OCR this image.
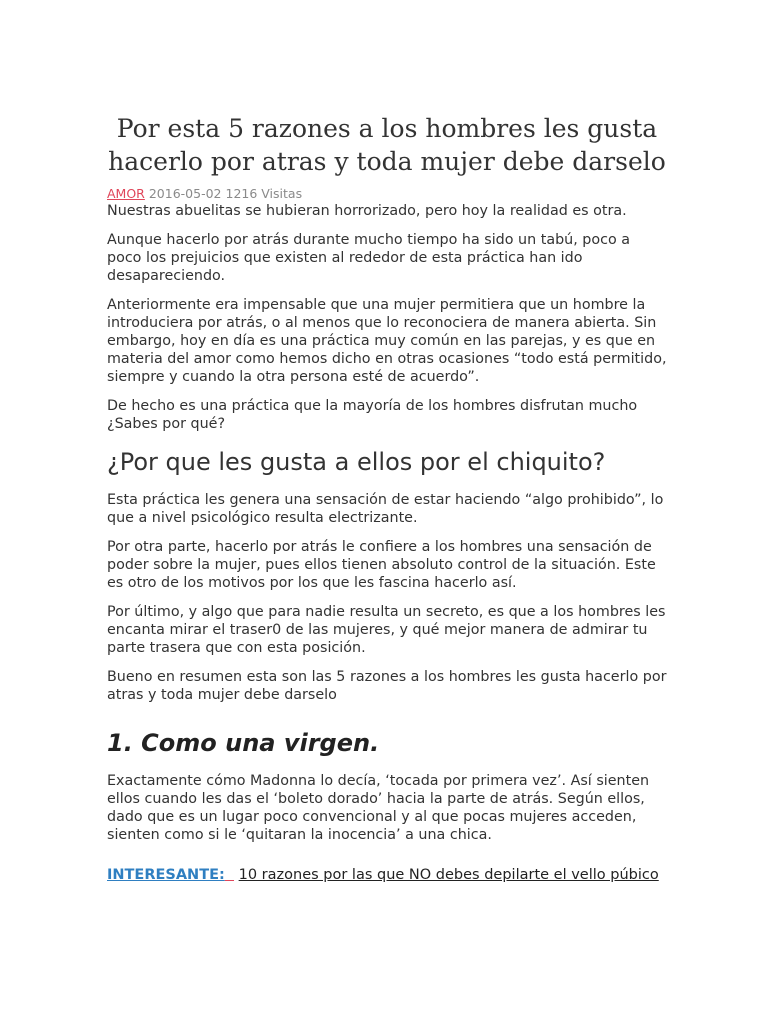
Por esta 5 razones a los hombres les gusta hacerlo por atras y toda mujer debe darselo
AMOR 2016-05-02 1216 Visitas

Nuestras abuelitas se hubieran horrorizado, pero hoy la realidad es otra.

Aunque hacerlo por atrás durante mucho tiempo ha sido un tabú, poco a poco los prejuicios que existen al rededor de esta práctica han ido desapareciendo.

Anteriormente era impensable que una mujer permitiera que un hombre la introduciera por atrás, o al menos que lo reconociera de manera abierta. Sin embargo, hoy en día es una práctica muy común en las parejas, y es que en materia del amor como hemos dicho en otras ocasiones “todo está permitido, siempre y cuando la otra persona esté de acuerdo”.

De hecho es una práctica que la mayoría de los hombres disfrutan mucho ¿Sabes por qué?

¿Por que les gusta a ellos por el chiquito?

Esta práctica les genera una sensación de estar haciendo “algo prohibido”, lo que a nivel psicológico resulta electrizante.

Por otra parte, hacerlo por atrás le confiere a los hombres una sensación de poder sobre la mujer, pues ellos tienen absoluto control de la situación. Este es otro de los motivos por los que les fascina hacerlo así.

Por último, y algo que para nadie resulta un secreto, es que a los hombres les encanta mirar el traser0 de las mujeres, y qué mejor manera de admirar tu parte trasera que con esta posición.

Bueno en resumen esta son las 5 razones a los hombres les gusta hacerlo por atras y toda mujer debe darselo

1. Como una virgen.

Exactamente cómo Madonna lo decía, ‘tocada por primera vez’. Así sienten ellos cuando les das el ‘boleto dorado’ hacia la parte de atrás. Según ellos, dado que es un lugar poco convencional y al que pocas mujeres acceden, sienten como si le ‘quitaran la inocencia’ a una chica.

INTERESANTE: 10 razones por las que NO debes depilarte el vello púbico
